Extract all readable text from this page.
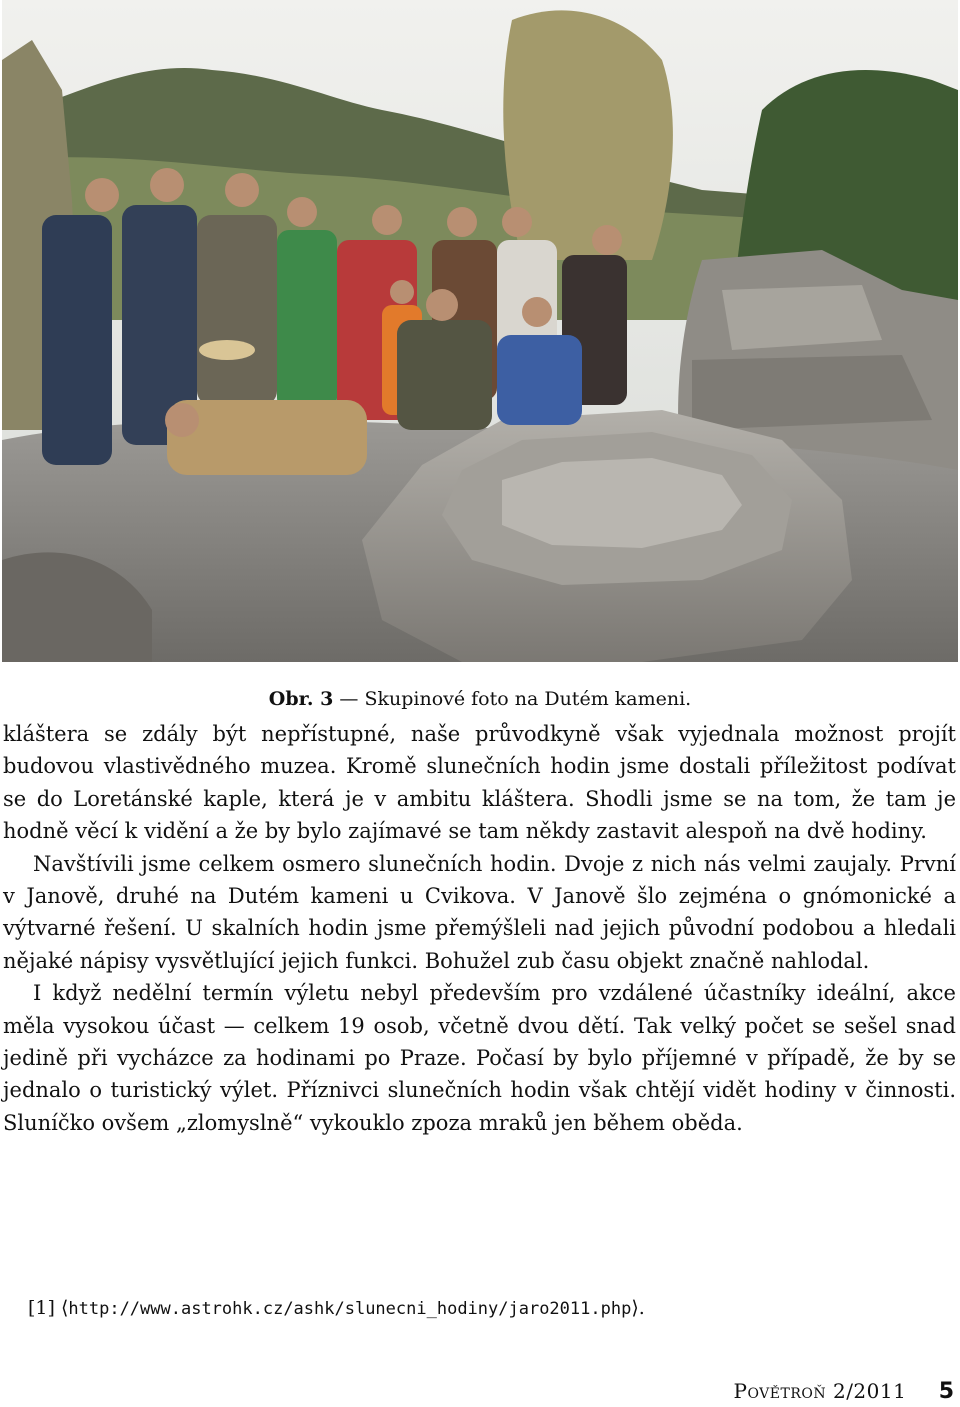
Obr. 3 — Skupinové foto na Dutém kameni.

kláštera se zdály být nepřístupné, naše průvodkyně však vyjednala možnost projít budovou vlastivědného muzea. Kromě slunečních hodin jsme dostali příležitost podívat se do Loretánské kaple, která je v ambitu kláštera. Shodli jsme se na tom, že tam je hodně věcí k vidění a že by bylo zajímavé se tam někdy zastavit alespoň na dvě hodiny.

Navštívili jsme celkem osmero slunečních hodin. Dvoje z nich nás velmi zaujaly. První v Janově, druhé na Dutém kameni u Cvikova. V Janově šlo zejména o gnómonické a výtvarné řešení. U skalních hodin jsme přemýšleli nad jejich původní podobou a hledali nějaké nápisy vysvětlující jejich funkci. Bohužel zub času objekt značně nahlodal.

I když nedělní termín výletu nebyl především pro vzdálené účastníky ideální, akce měla vysokou účast — celkem 19 osob, včetně dvou dětí. Tak velký počet se sešel snad jedině při vycházce za hodinami po Praze. Počasí by bylo příjemné v případě, že by se jednalo o turistický výlet. Příznivci slunečních hodin však chtějí vidět hodiny v činnosti. Sluníčko ovšem „zlomyslně“ vykouklo zpoza mraků jen během oběda.

[1] ⟨http://www.astrohk.cz/ashk/slunecni_hodiny/jaro2011.php⟩.
Povětroň 2/2011 5
